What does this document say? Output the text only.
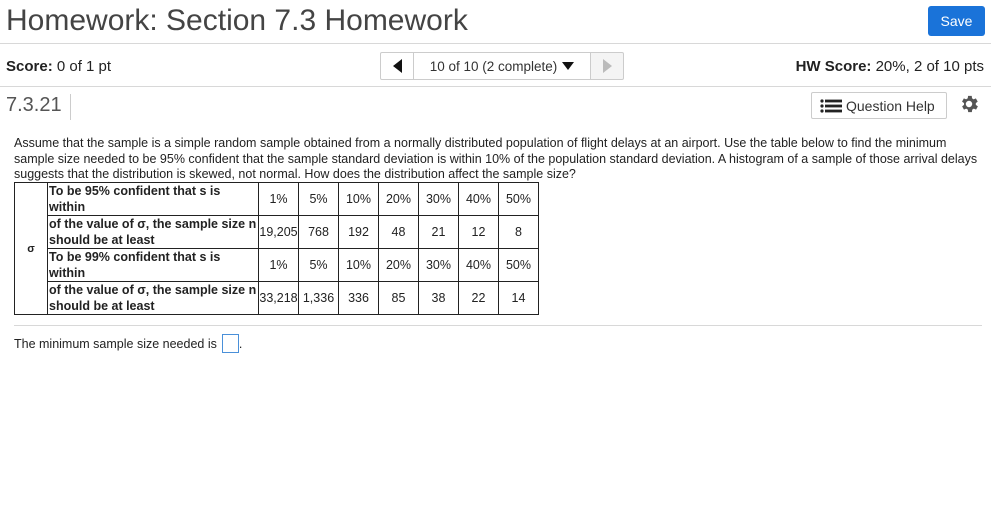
Homework: Section 7.3 Homework	Save
Score: 0 of 1 pt	10 of 10 (2 complete)	HW Score: 20%, 2 of 10 pts
7.3.21	Question Help
Assume that the sample is a simple random sample obtained from a normally distributed population of flight delays at an airport. Use the table below to find the minimum sample size needed to be 95% confident that the sample standard deviation is within 10% of the population standard deviation. A histogram of a sample of those arrival delays suggests that the distribution is skewed, not normal. How does the distribution affect the sample size?
σ	To be 95% confident that s is within	1%	5%	10%	20%	30%	40%	50%
	of the value of σ, the sample size n should be at least	19,205	768	192	48	21	12	8
	To be 99% confident that s is within	1%	5%	10%	20%	30%	40%	50%
	of the value of σ, the sample size n should be at least	33,218	1,336	336	85	38	22	14
The minimum sample size needed is .
